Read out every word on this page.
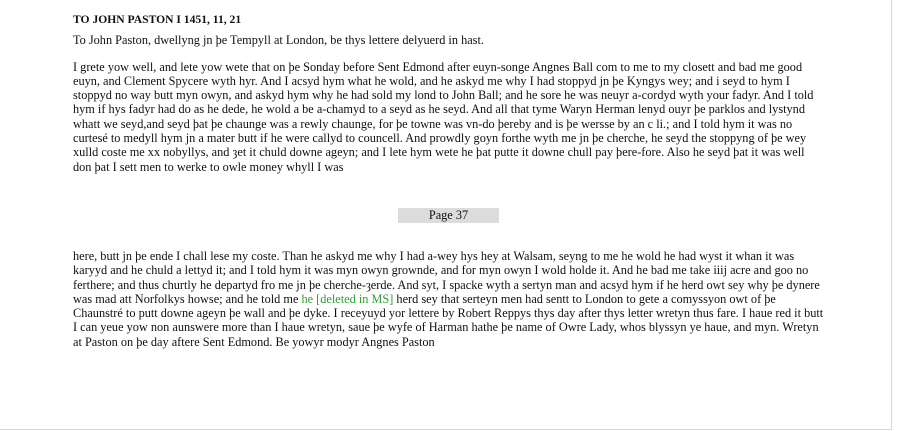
TO JOHN PASTON I 1451, 11, 21

To John Paston, dwellyng jn þe Tempyll at London, be thys lettere delyuerd in hast.

I grete yow well, and lete yow wete that on þe Sonday before Sent Edmond after euyn-songe Angnes Ball com to me to my closett and bad me good euyn, and Clement Spycere wyth hyr. And I acsyd hym what he wold, and he askyd me why I had stoppyd jn þe Kyngys wey; and i seyd to hym I stoppyd no way butt myn owyn, and askyd hym why he had sold my lond to John Ball; and he sore he was neuyr a-cordyd wyth your fadyr. And I told hym if hys fadyr had do as he dede, he wold a be a-chamyd to a seyd as he seyd. And all that tyme Waryn Herman lenyd ouyr þe parklos and lystynd whatt we seyd,and seyd þat þe chaunge was a rewly chaunge, for þe towne was vn-do þereby and is þe wersse by an c li.; and I told hym it was no curtesé to medyll hym jn a mater butt if he were callyd to councell. And prowdly goyn forthe wyth me jn þe cherche, he seyd the stoppyng of þe wey xulld coste me xx nobyllys, and ȝet it chuld downe ageyn; and I lete hym wete he þat putte it downe chull pay þere-fore. Also he seyd þat it was well don þat I sett men to werke to owle money whyll I was

Page 37

here, butt jn þe ende I chall lese my coste. Than he askyd me why I had a-wey hys hey at Walsam, seyng to me he wold he had wyst it whan it was karyyd and he chuld a lettyd it; and I told hym it was myn owyn grownde, and for myn owyn I wold holde it. And he bad me take iiij acre and goo no ferthere; and thus churtly he departyd fro me jn þe cherche-ȝerde. And syt, I spacke wyth a sertyn man and acsyd hym if he herd owt sey why þe dynere was mad att Norfolkys howse; and he told me he [deleted in MS] herd sey that serteyn men had sentt to London to gete a comyssyon owt of þe Chaunstré to putt downe ageyn þe wall and þe dyke. I receyuyd yor lettere by Robert Reppys thys day after thys letter wretyn thus fare. I haue red it butt I can yeue yow non aunswere more than I haue wretyn, saue þe wyfe of Harman hathe þe name of Owre Lady, whos blyssyn ye haue, and myn. Wretyn at Paston on þe day aftere Sent Edmond. Be yowyr modyr Angnes Paston
